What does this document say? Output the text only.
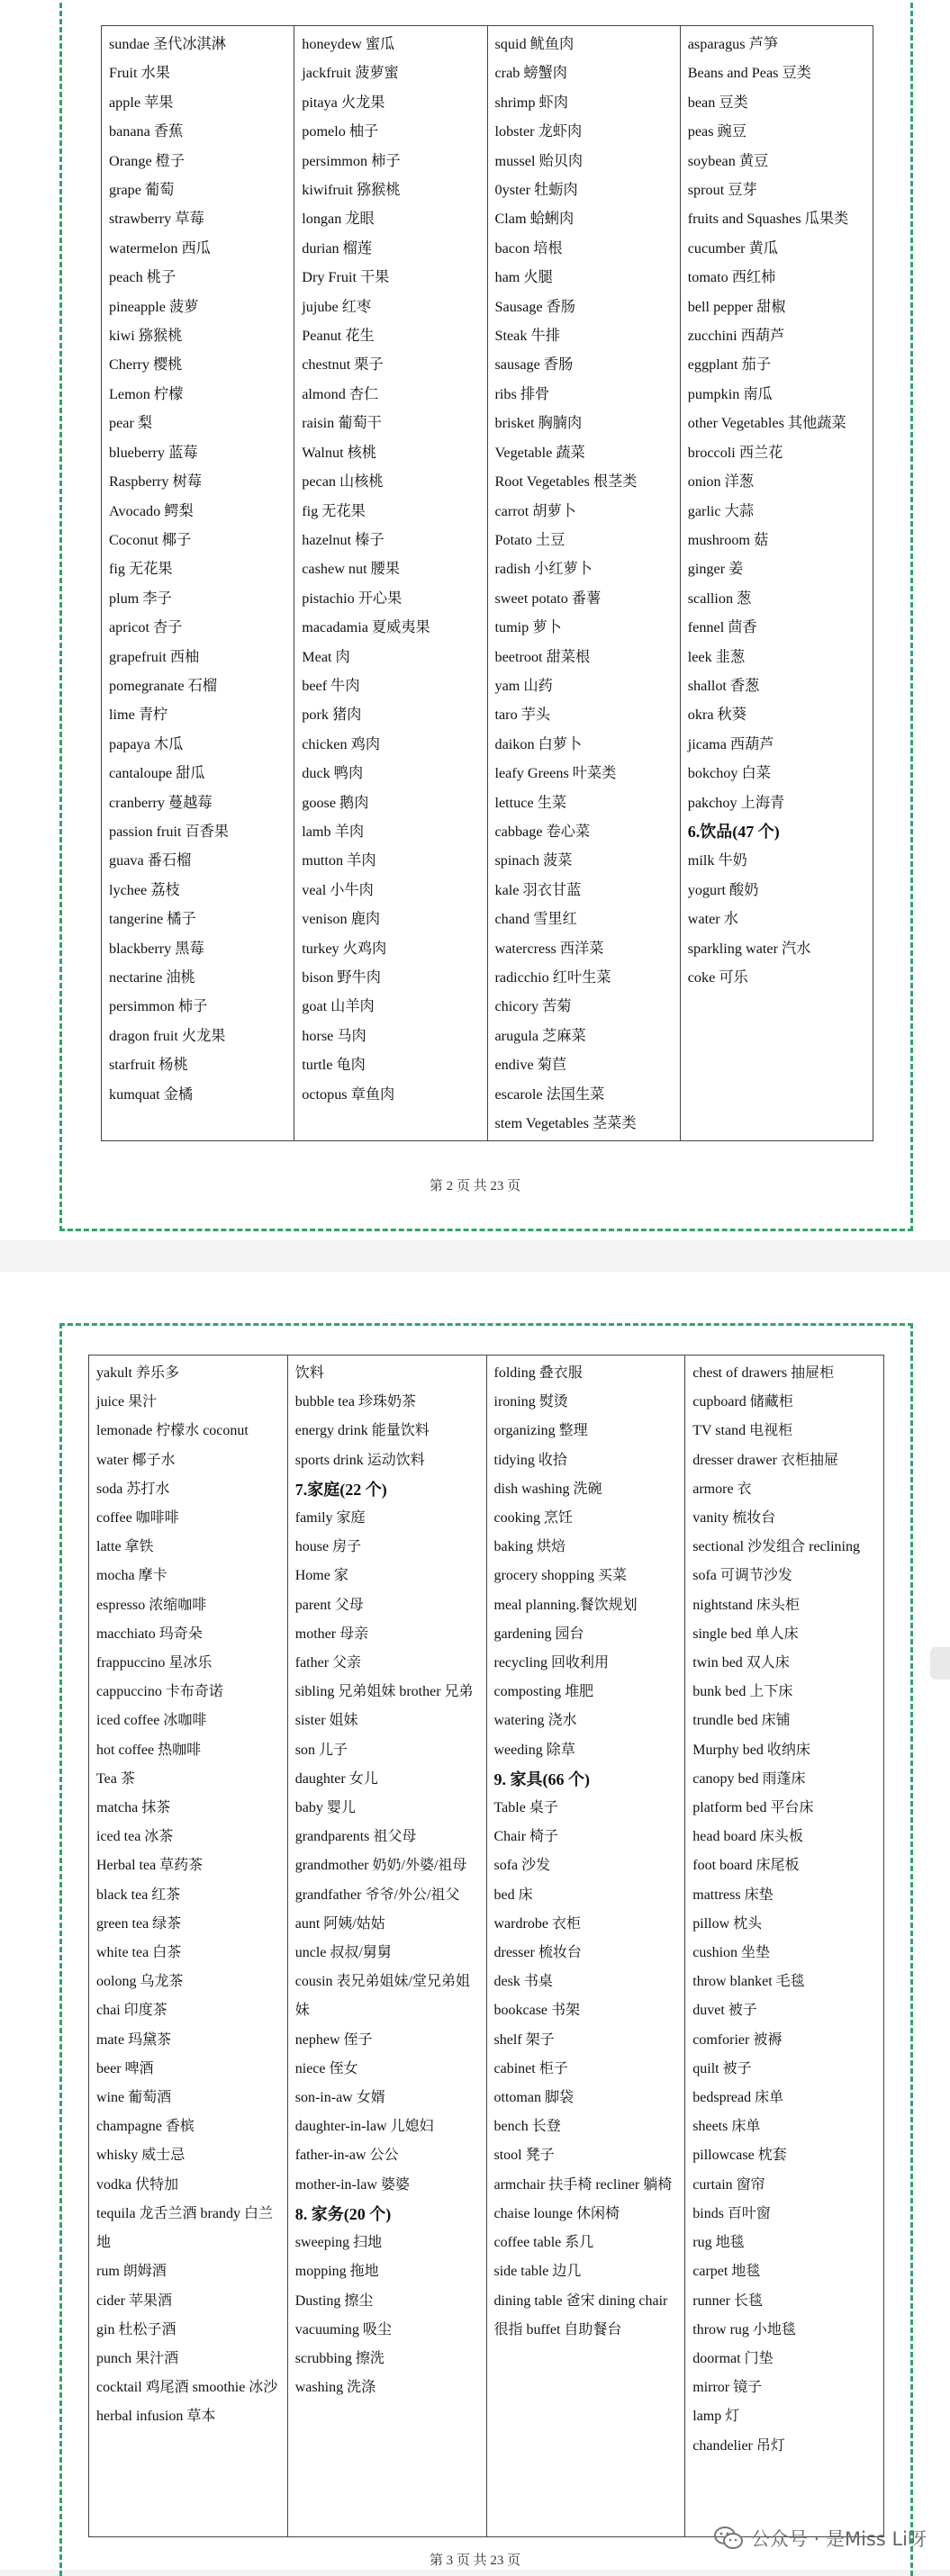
sundae 圣代冰淇淋
Fruit 水果
apple 苹果
banana 香蕉
Orange 橙子
grape 葡萄
strawberry 草莓
watermelon 西瓜
peach 桃子
pineapple 菠萝
kiwi 猕猴桃
Cherry 樱桃
Lemon 柠檬
pear 梨
blueberry 蓝莓
Raspberry 树莓
Avocado 鳄梨
Coconut 椰子
fig 无花果
plum 李子
apricot 杏子
grapefruit 西柚
pomegranate 石榴
lime 青柠
papaya 木瓜
cantaloupe 甜瓜
cranberry 蔓越莓
passion fruit 百香果
guava 番石榴
lychee 荔枝
tangerine 橘子
blackberry 黑莓
nectarine 油桃
persimmon 柿子
dragon fruit 火龙果
starfruit 杨桃
kumquat 金橘
honeydew 蜜瓜
jackfruit 菠萝蜜
pitaya 火龙果
pomelo 柚子
persimmon 柿子
kiwifruit 猕猴桃
longan 龙眼
durian 榴莲
Dry Fruit 干果
jujube 红枣
Peanut 花生
chestnut 栗子
almond 杏仁
raisin 葡萄干
Walnut 核桃
pecan 山核桃
fig 无花果
hazelnut 榛子
cashew nut 腰果
pistachio 开心果
macadamia 夏威夷果
Meat 肉
beef 牛肉
pork 猪肉
chicken 鸡肉
duck 鸭肉
goose 鹅肉
lamb 羊肉
mutton 羊肉
veal 小牛肉
venison 鹿肉
turkey 火鸡肉
bison 野牛肉
goat 山羊肉
horse 马肉
turtle 龟肉
octopus 章鱼肉
squid 鱿鱼肉
crab 螃蟹肉
shrimp 虾肉
lobster 龙虾肉
mussel 贻贝肉
0yster 牡蛎肉
Clam 蛤蜊肉
bacon 培根
ham 火腿
Sausage 香肠
Steak 牛排
sausage 香肠
ribs 排骨
brisket 胸腩肉
Vegetable 蔬菜
Root Vegetables 根茎类
carrot 胡萝卜
Potato 土豆
radish 小红萝卜
sweet potato 番薯
tumip 萝卜
beetroot 甜菜根
yam 山药
taro 芋头
daikon 白萝卜
leafy Greens 叶菜类
lettuce 生菜
cabbage 卷心菜
spinach 菠菜
kale 羽衣甘蓝
chand 雪里红
watercress 西洋菜
radicchio 红叶生菜
chicory 苦菊
arugula 芝麻菜
endive 菊苣
escarole 法国生菜
stem Vegetables 茎菜类
asparagus 芦笋
Beans and Peas 豆类
bean 豆类
peas 豌豆
soybean 黄豆
sprout 豆芽
fruits and Squashes 瓜果类
cucumber 黄瓜
tomato 西红柿
bell pepper 甜椒
zucchini 西葫芦
eggplant 茄子
pumpkin 南瓜
other Vegetables 其他蔬菜
broccoli 西兰花
onion 洋葱
garlic 大蒜
mushroom 菇
ginger 姜
scallion 葱
fennel 茴香
leek 韭葱
shallot 香葱
okra 秋葵
jicama 西葫芦
bokchoy 白菜
pakchoy 上海青
6.饮品(47 个)
milk 牛奶
yogurt 酸奶
water 水
sparkling water 汽水
coke 可乐
第 2 页 共 23 页
yakult 养乐多
juice 果汁
lemonade 柠檬水 coconut water 椰子水
soda 苏打水
coffee 咖啡啡
latte 拿铁
mocha 摩卡
espresso 浓缩咖啡
macchiato 玛奇朵
frappuccino 星冰乐
cappuccino 卡布奇诺
iced coffee 冰咖啡
hot coffee 热咖啡
Tea 茶
matcha 抹茶
iced tea 冰茶
Herbal tea 草药茶
black tea 红茶
green tea 绿茶
white tea 白茶
oolong 乌龙茶
chai 印度茶
mate 玛黛茶
beer 啤酒
wine 葡萄酒
champagne 香槟
whisky 威士忌
vodka 伏特加
tequila 龙舌兰酒 brandy 白兰地
rum 朗姆酒
cider 苹果酒
gin 杜松子酒
punch 果汁酒
cocktail 鸡尾酒 smoothie 冰沙
herbal infusion 草本
饮料
bubble tea 珍珠奶茶
energy drink 能量饮料
sports drink 运动饮料
7.家庭(22 个)
family 家庭
house 房子
Home 家
parent 父母
mother 母亲
father 父亲
sibling 兄弟姐妹 brother 兄弟
sister 姐妹
son 儿子
daughter 女儿
baby 婴儿
grandparents 祖父母
grandmother 奶奶/外婆/祖母
grandfather 爷爷/外公/祖父
aunt 阿姨/姑姑
uncle 叔叔/舅舅
cousin 表兄弟姐妹/堂兄弟姐妹
nephew 侄子
niece 侄女
son-in-aw 女婿
daughter-in-law 儿媳妇
father-in-aw 公公
mother-in-law 婆婆
8. 家务(20 个)
sweeping 扫地
mopping 拖地
Dusting 擦尘
vacuuming 吸尘
scrubbing 擦洗
washing 洗涤
folding 叠衣服
ironing 熨烫
organizing 整理
tidying 收拾
dish washing 洗碗
cooking 烹饪
baking 烘焙
grocery shopping 买菜
meal planning.餐饮规划
gardening 园台
recycling 回收利用
composting 堆肥
watering 浇水
weeding 除草
9. 家具(66 个)
Table 桌子
Chair 椅子
sofa 沙发
bed 床
wardrobe 衣柜
dresser 梳妆台
desk 书桌
bookcase 书架
shelf 架子
cabinet 柜子
ottoman 脚袋
bench 长登
stool 凳子
armchair 扶手椅 recliner 躺椅
chaise lounge 休闲椅
coffee table 系几
side table 边几
dining table 爸宋 dining chair 很指 buffet 自助餐台
chest of drawers 抽屉柜
cupboard 储藏柜
TV stand 电视柜
dresser drawer 衣柜抽屉
armore 衣
vanity 梳妆台
sectional 沙发组合 reclining sofa 可调节沙发
nightstand 床头柜
single bed 单人床
twin bed 双人床
bunk bed 上下床
trundle bed 床铺
Murphy bed 收纳床
canopy bed 雨蓬床
platform bed 平台床
head board 床头板
foot board 床尾板
mattress 床垫
pillow 枕头
cushion 坐垫
throw blanket 毛毯
duvet 被子
comforier 被褥
quilt 被子
bedspread 床单
sheets 床单
pillowcase 枕套
curtain 窗帘
binds 百叶窗
rug 地毯
carpet 地毯
runner 长毯
throw rug 小地毯
doormat 门垫
mirror 镜子
lamp 灯
chandelier 吊灯
第 3 页 共 23 页
公众号 · 是Miss Li呀
